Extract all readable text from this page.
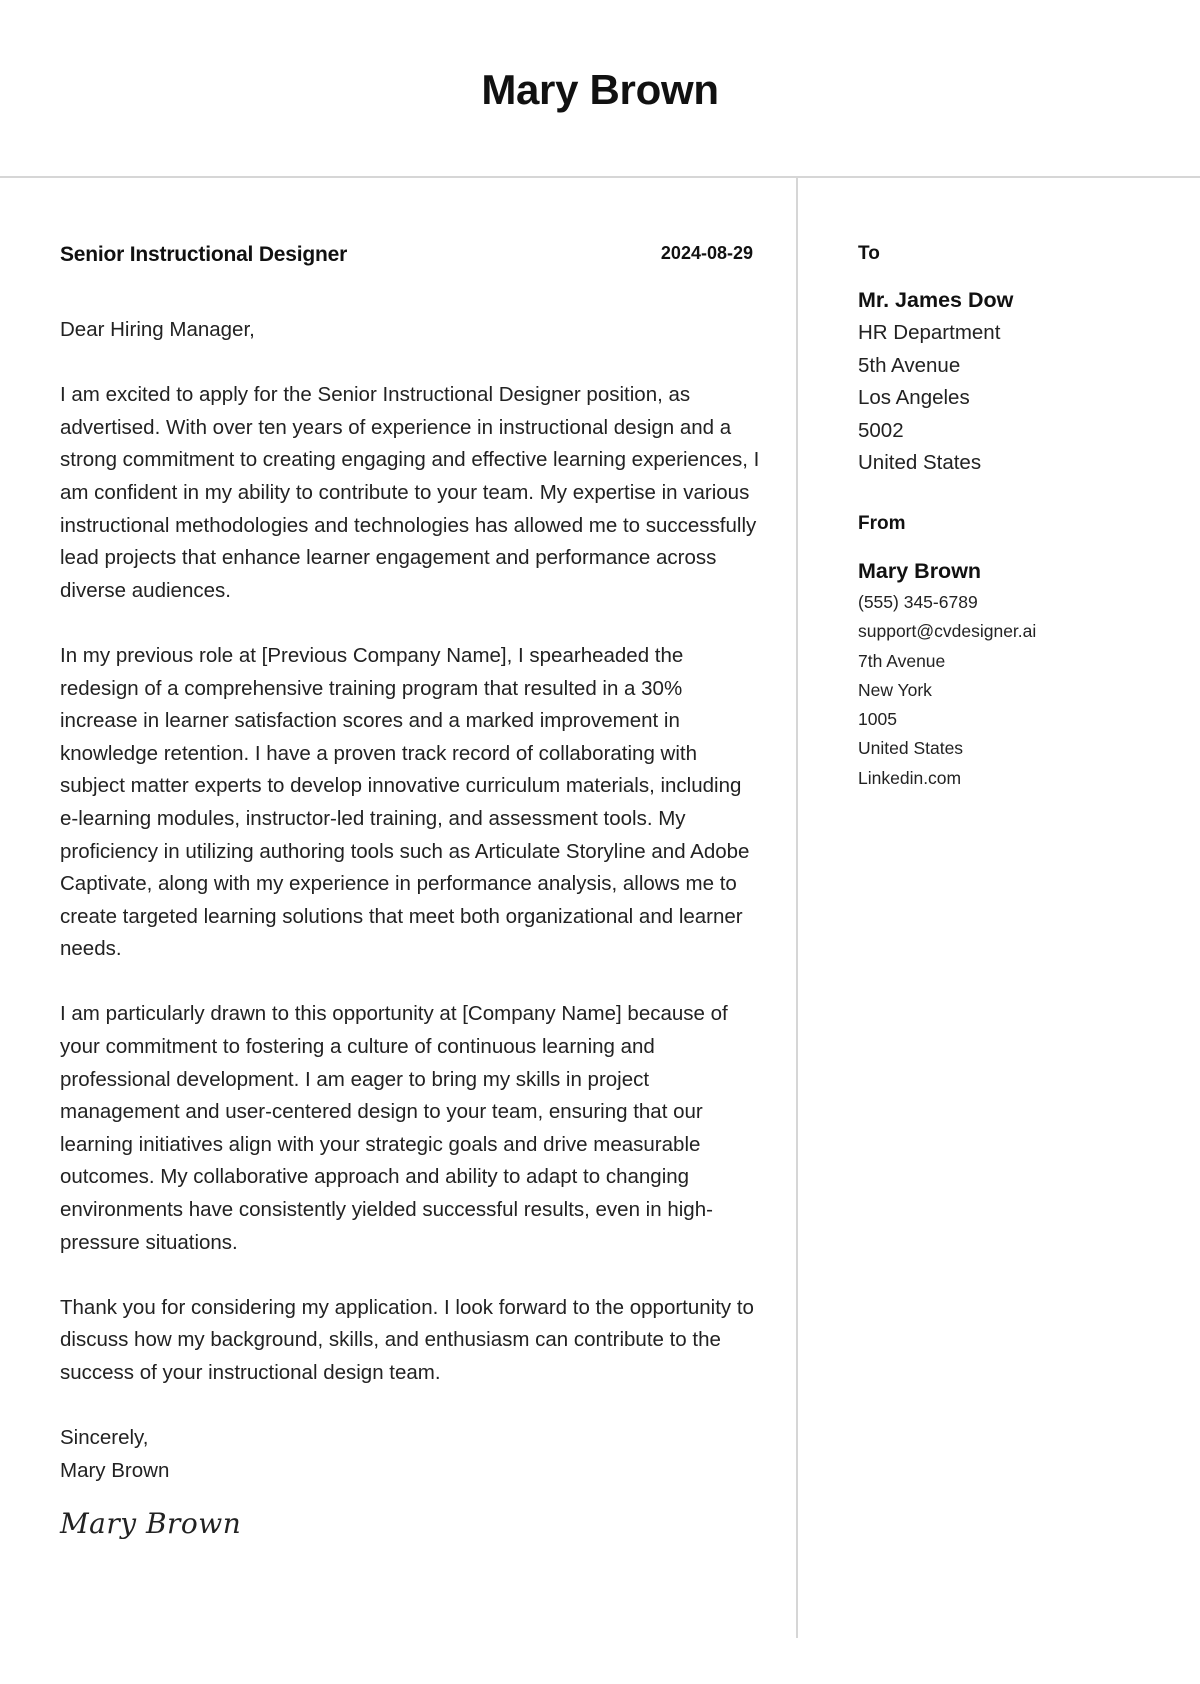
Mary Brown
Senior Instructional Designer	2024-08-29

Dear Hiring Manager,

I am excited to apply for the Senior Instructional Designer position, as advertised. With over ten years of experience in instructional design and a strong commitment to creating engaging and effective learning experiences, I am confident in my ability to contribute to your team. My expertise in various instructional methodologies and technologies has allowed me to successfully lead projects that enhance learner engagement and performance across diverse audiences.

In my previous role at [Previous Company Name], I spearheaded the redesign of a comprehensive training program that resulted in a 30% increase in learner satisfaction scores and a marked improvement in knowledge retention. I have a proven track record of collaborating with subject matter experts to develop innovative curriculum materials, including e-learning modules, instructor-led training, and assessment tools. My proficiency in utilizing authoring tools such as Articulate Storyline and Adobe Captivate, along with my experience in performance analysis, allows me to create targeted learning solutions that meet both organizational and learner needs.

I am particularly drawn to this opportunity at [Company Name] because of your commitment to fostering a culture of continuous learning and professional development. I am eager to bring my skills in project management and user-centered design to your team, ensuring that our learning initiatives align with your strategic goals and drive measurable outcomes. My collaborative approach and ability to adapt to changing environments have consistently yielded successful results, even in high-pressure situations.

Thank you for considering my application. I look forward to the opportunity to discuss how my background, skills, and enthusiasm can contribute to the success of your instructional design team.

Sincerely,
Mary Brown
Mary Brown
To
Mr. James Dow
HR Department
5th Avenue
Los Angeles
5002
United States
From
Mary Brown
(555) 345-6789
support@cvdesigner.ai
7th Avenue
New York
1005
United States
Linkedin.com
